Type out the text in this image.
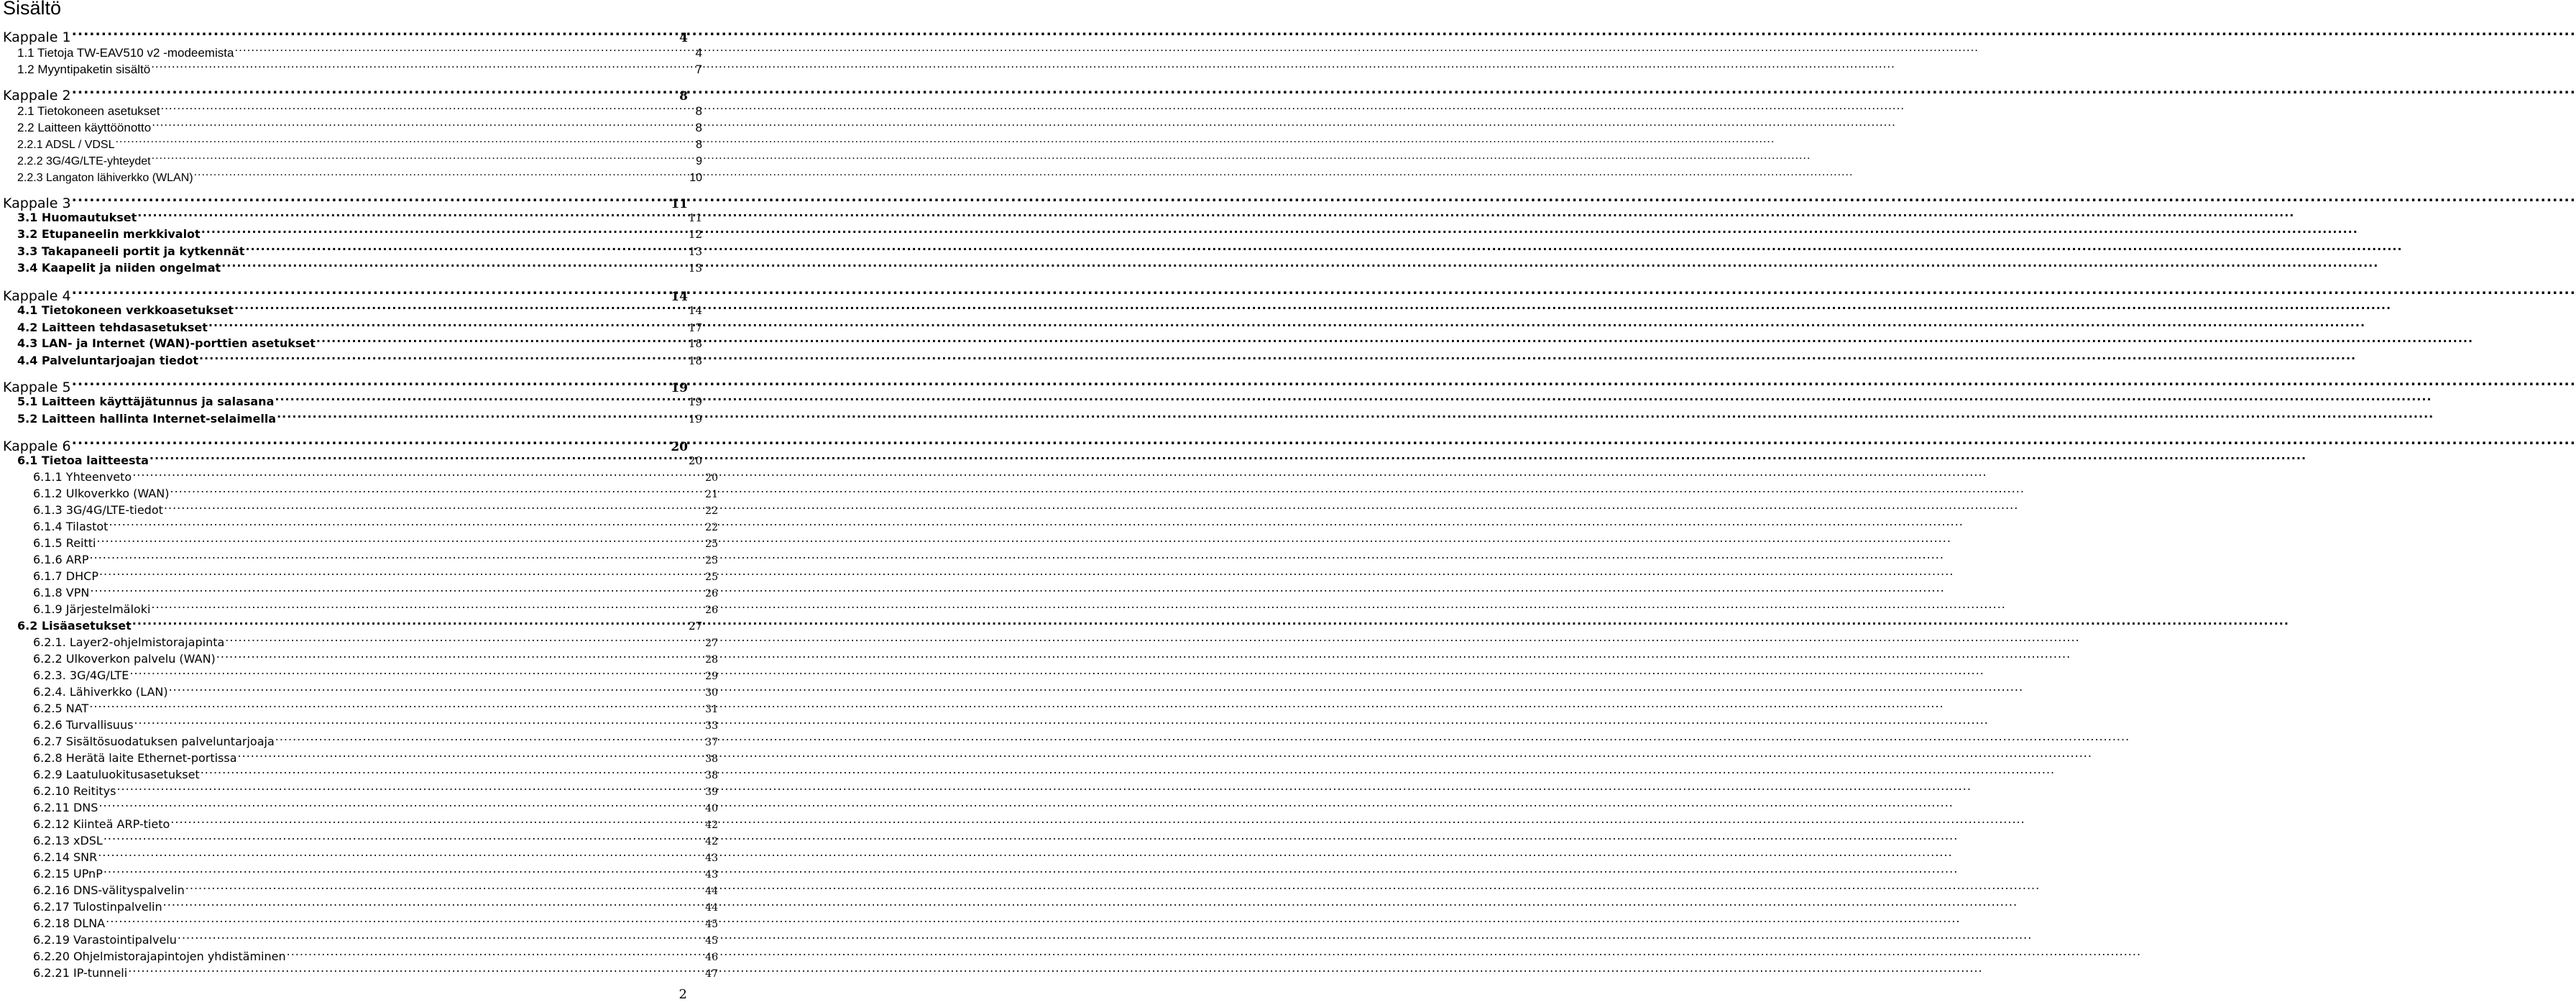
Sisältö
Kappale 1 .....	4
1.1 Tietoja TW-EAV510 v2 -modeemista .....	4
1.2 Myyntipaketin sisältö .....	7
Kappale 2 .....	8
2.1 Tietokoneen asetukset .....	8
2.2 Laitteen käyttöönotto .....	8
2.2.1 ADSL / VDSL .....	8
2.2.2 3G/4G/LTE-yhteydet .....	9
2.2.3 Langaton lähiverkko (WLAN) .....	10
Kappale 3 .....	11
3.1 Huomautukset .....	11
3.2 Etupaneelin merkkivalot .....	12
3.3 Takapaneeli portit ja kytkennät .....	13
3.4 Kaapelit ja niiden ongelmat .....	13
Kappale 4 .....	14
4.1 Tietokoneen verkkoasetukset .....	14
4.2 Laitteen tehdasasetukset .....	17
4.3 LAN- ja Internet (WAN)-porttien asetukset .....	18
4.4 Palveluntarjoajan tiedot .....	18
Kappale 5 .....	19
5.1 Laitteen käyttäjätunnus ja salasana .....	19
5.2 Laitteen hallinta Internet-selaimella .....	19
Kappale 6 .....	20
6.1 Tietoa laitteesta .....	20
6.1.1 Yhteenveto .....	20
6.1.2 Ulkoverkko (WAN) .....	21
6.1.3 3G/4G/LTE-tiedot .....	22
6.1.4 Tilastot .....	22
6.1.5 Reitti .....	25
6.1.6 ARP .....	25
6.1.7 DHCP .....	25
6.1.8 VPN .....	26
6.1.9 Järjestelmäloki .....	26
6.2 Lisäasetukset .....	27
6.2.1. Layer2-ohjelmistorajapinta .....	27
6.2.2 Ulkoverkon palvelu (WAN) .....	28
6.2.3. 3G/4G/LTE .....	29
6.2.4. Lähiverkko (LAN) .....	30
6.2.5 NAT .....	31
6.2.6 Turvallisuus .....	33
6.2.7 Sisältösuodatuksen palveluntarjoaja .....	37
6.2.8 Herätä laite Ethernet-portissa .....	38
6.2.9 Laatuluokitusasetukset .....	38
6.2.10 Reititys .....	39
6.2.11 DNS .....	40
6.2.12 Kiinteä ARP-tieto .....	42
6.2.13 xDSL .....	42
6.2.14 SNR .....	43
6.2.15 UPnP .....	43
6.2.16 DNS-välityspalvelin .....	44
6.2.17 Tulostinpalvelin .....	44
6.2.18 DLNA .....	45
6.2.19 Varastointipalvelu .....	45
6.2.20 Ohjelmistorajapintojen yhdistäminen .....	46
6.2.21 IP-tunneli .....	47
2
